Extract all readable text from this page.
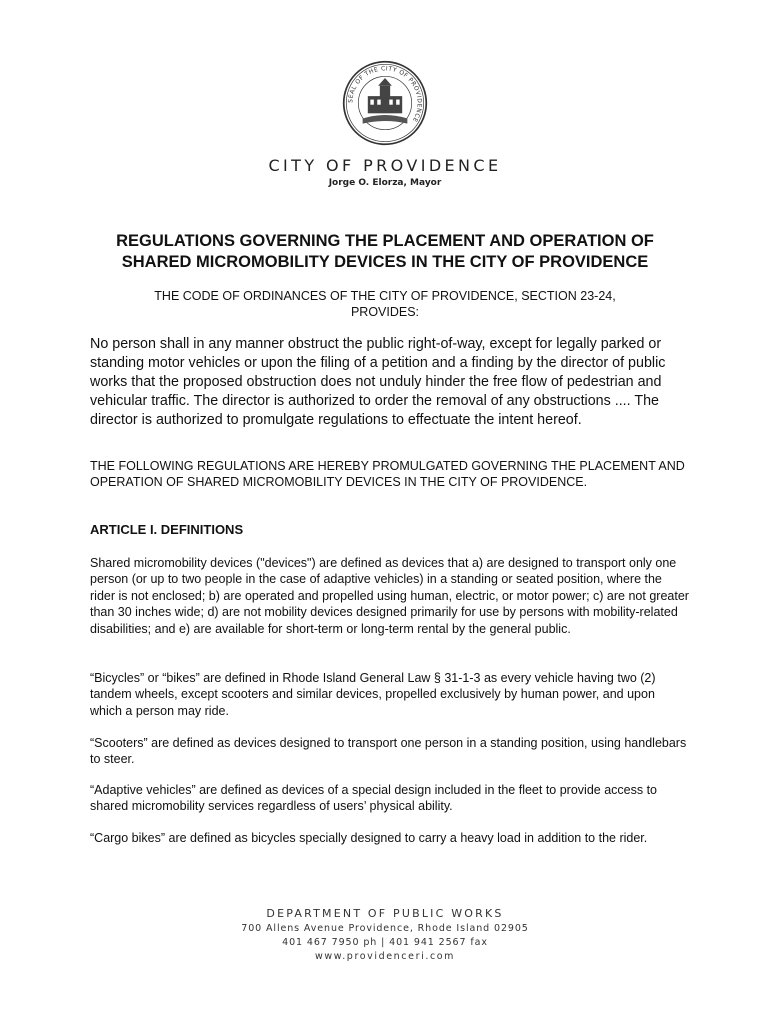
SEAL OF THE CITY OF PROVIDENCE
CITY OF PROVIDENCE
Jorge O. Elorza, Mayor
REGULATIONS GOVERNING THE PLACEMENT AND OPERATION OF
SHARED MICROMOBILITY DEVICES IN THE CITY OF PROVIDENCE
THE CODE OF ORDINANCES OF THE CITY OF PROVIDENCE, SECTION 23-24,
PROVIDES:
No person shall in any manner obstruct the public right-of-way, except for legally parked or standing motor vehicles or upon the filing of a petition and a finding by the director of public works that the proposed obstruction does not unduly hinder the free flow of pedestrian and vehicular traffic. The director is authorized to order the removal of any obstructions .... The director is authorized to promulgate regulations to effectuate the intent hereof.
THE FOLLOWING REGULATIONS ARE HEREBY PROMULGATED GOVERNING THE PLACEMENT AND OPERATION OF SHARED MICROMOBILITY DEVICES IN THE CITY OF PROVIDENCE.
ARTICLE I. DEFINITIONS
Shared micromobility devices ("devices") are defined as devices that a) are designed to transport only one person (or up to two people in the case of adaptive vehicles) in a standing or seated position, where the rider is not enclosed; b) are operated and propelled using human, electric, or motor power; c) are not greater than 30 inches wide; d) are not mobility devices designed primarily for use by persons with mobility-related disabilities; and e) are available for short-term or long-term rental by the general public.
“Bicycles” or “bikes” are defined in Rhode Island General Law § 31-1-3 as every vehicle having two (2) tandem wheels, except scooters and similar devices, propelled exclusively by human power, and upon which a person may ride.
“Scooters” are defined as devices designed to transport one person in a standing position, using handlebars to steer.
“Adaptive vehicles” are defined as devices of a special design included in the fleet to provide access to shared micromobility services regardless of users’ physical ability.
“Cargo bikes” are defined as bicycles specially designed to carry a heavy load in addition to the rider.
DEPARTMENT OF PUBLIC WORKS
700 Allens Avenue Providence, Rhode Island 02905
401 467 7950 ph | 401 941 2567 fax
www.providenceri.com
